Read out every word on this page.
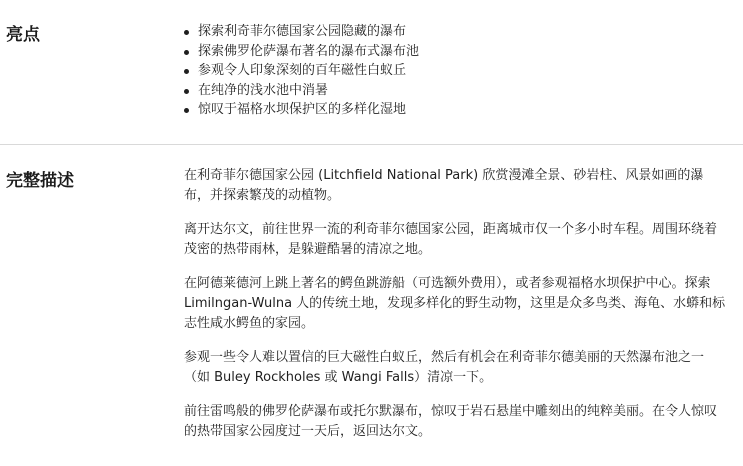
亮点	探索利奇菲尔德国家公园隐藏的瀑布
探索佛罗伦萨瀑布著名的瀑布式瀑布池
参观令人印象深刻的百年磁性白蚁丘
在纯净的浅水池中消暑
惊叹于福格水坝保护区的多样化湿地
完整描述	在利奇菲尔德国家公园 (Litchfield National Park) 欣赏漫滩全景、砂岩柱、风景如画的瀑布，并探索繁茂的动植物。

离开达尔文，前往世界一流的利奇菲尔德国家公园，距离城市仅一个多小时车程。周围环绕着茂密的热带雨林，是躲避酷暑的清凉之地。

在阿德莱德河上跳上著名的鳄鱼跳游船（可选额外费用），或者参观福格水坝保护中心。探索 Limilngan-Wulna 人的传统土地，发现多样化的野生动物，这里是众多鸟类、海龟、水蟒和标志性咸水鳄鱼的家园。

参观一些令人难以置信的巨大磁性白蚁丘，然后有机会在利奇菲尔德美丽的天然瀑布池之一（如 Buley Rockholes 或 Wangi Falls）清凉一下。

前往雷鸣般的佛罗伦萨瀑布或托尔默瀑布，惊叹于岩石悬崖中雕刻出的纯粹美丽。在令人惊叹的热带国家公园度过一天后，返回达尔文。
